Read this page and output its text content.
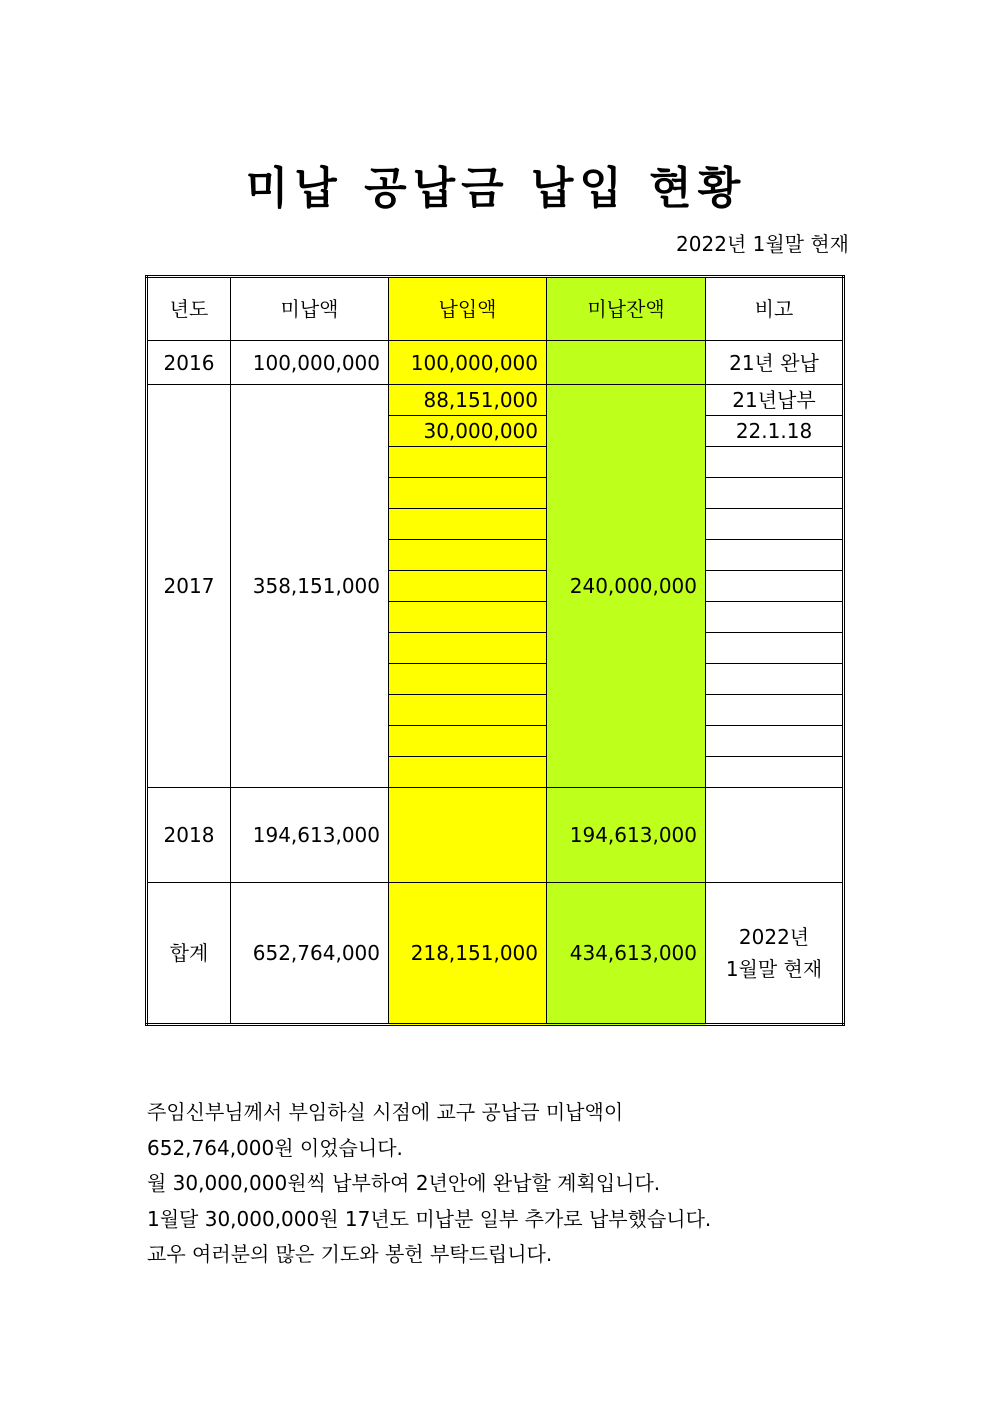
미납 공납금 납입 현황
2022년 1월말 현재
년도	미납액	납입액	미납잔액	비고
2016	100,000,000	100,000,000		21년 완납
2017	358,151,000	88,151,000	240,000,000	21년납부
		30,000,000		22.1.18

2018	194,613,000		194,613,000	
합계	652,764,000	218,151,000	434,613,000	2022년
1월말 현재
주임신부님께서 부임하실 시점에 교구 공납금 미납액이
652,764,000원 이었습니다.
월 30,000,000원씩 납부하여 2년안에 완납할 계획입니다.
1월달 30,000,000원 17년도 미납분 일부 추가로 납부했습니다.
교우 여러분의 많은 기도와 봉헌 부탁드립니다.
